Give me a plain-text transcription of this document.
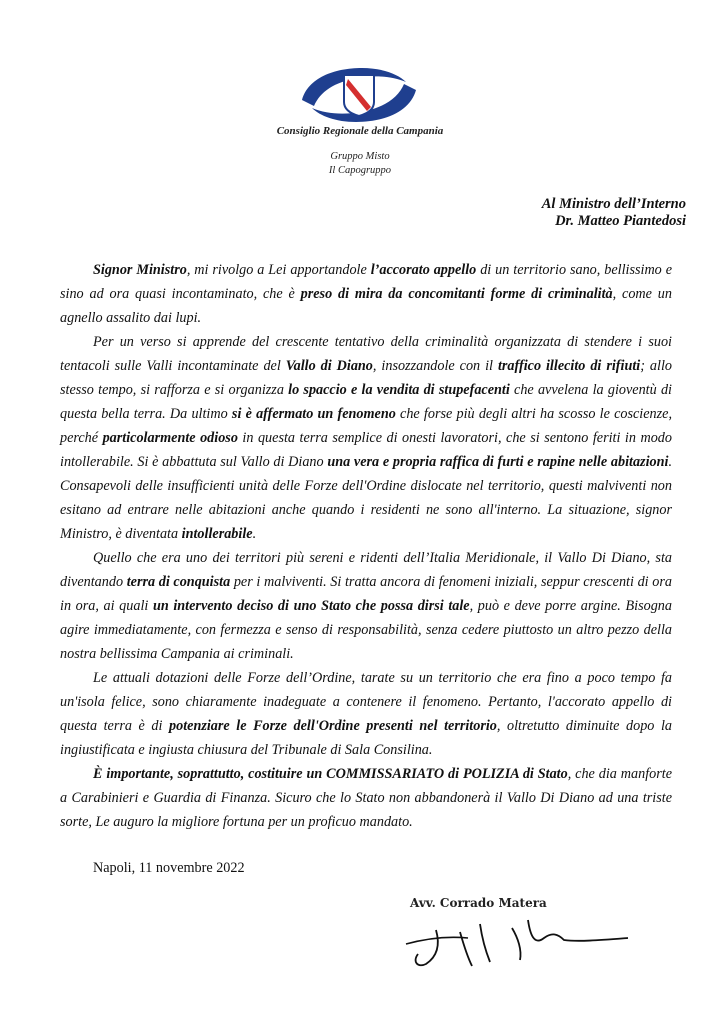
Consiglio Regionale della Campania
Gruppo Misto
Il Capogruppo
Al Ministro dell’Interno
Dr. Matteo Piantedosi

Signor Ministro, mi rivolgo a Lei apportandole l’accorato appello di un territorio sano, bellissimo e sino ad ora quasi incontaminato, che è preso di mira da concomitanti forme di criminalità, come un agnello assalito dai lupi.

Per un verso si apprende del crescente tentativo della criminalità organizzata di stendere i suoi tentacoli sulle Valli incontaminate del Vallo di Diano, insozzandole con il traffico illecito di rifiuti; allo stesso tempo, si rafforza e si organizza lo spaccio e la vendita di stupefacenti che avvelena la gioventù di questa bella terra. Da ultimo si è affermato un fenomeno che forse più degli altri ha scosso le coscienze, perché particolarmente odioso in questa terra semplice di onesti lavoratori, che si sentono feriti in modo intollerabile. Si è abbattuta sul Vallo di Diano una vera e propria raffica di furti e rapine nelle abitazioni. Consapevoli delle insufficienti unità delle Forze dell'Ordine dislocate nel territorio, questi malviventi non esitano ad entrare nelle abitazioni anche quando i residenti ne sono all'interno. La situazione, signor Ministro, è diventata intollerabile.

Quello che era uno dei territori più sereni e ridenti dell’Italia Meridionale, il Vallo Di Diano, sta diventando terra di conquista per i malviventi. Si tratta ancora di fenomeni iniziali, seppur crescenti di ora in ora, ai quali un intervento deciso di uno Stato che possa dirsi tale, può e deve porre argine. Bisogna agire immediatamente, con fermezza e senso di responsabilità, senza cedere piuttosto un altro pezzo della nostra bellissima Campania ai criminali.

Le attuali dotazioni delle Forze dell’Ordine, tarate su un territorio che era fino a poco tempo fa un'isola felice, sono chiaramente inadeguate a contenere il fenomeno. Pertanto, l'accorato appello di questa terra è di potenziare le Forze dell'Ordine presenti nel territorio, oltretutto diminuite dopo la ingiustificata e ingiusta chiusura del Tribunale di Sala Consilina.

È importante, soprattutto, costituire un COMMISSARIATO di POLIZIA di Stato, che dia manforte a Carabinieri e Guardia di Finanza. Sicuro che lo Stato non abbandonerà il Vallo Di Diano ad una triste sorte, Le auguro la migliore fortuna per un proficuo mandato.

Napoli, 11 novembre 2022
Avv. Corrado Matera
